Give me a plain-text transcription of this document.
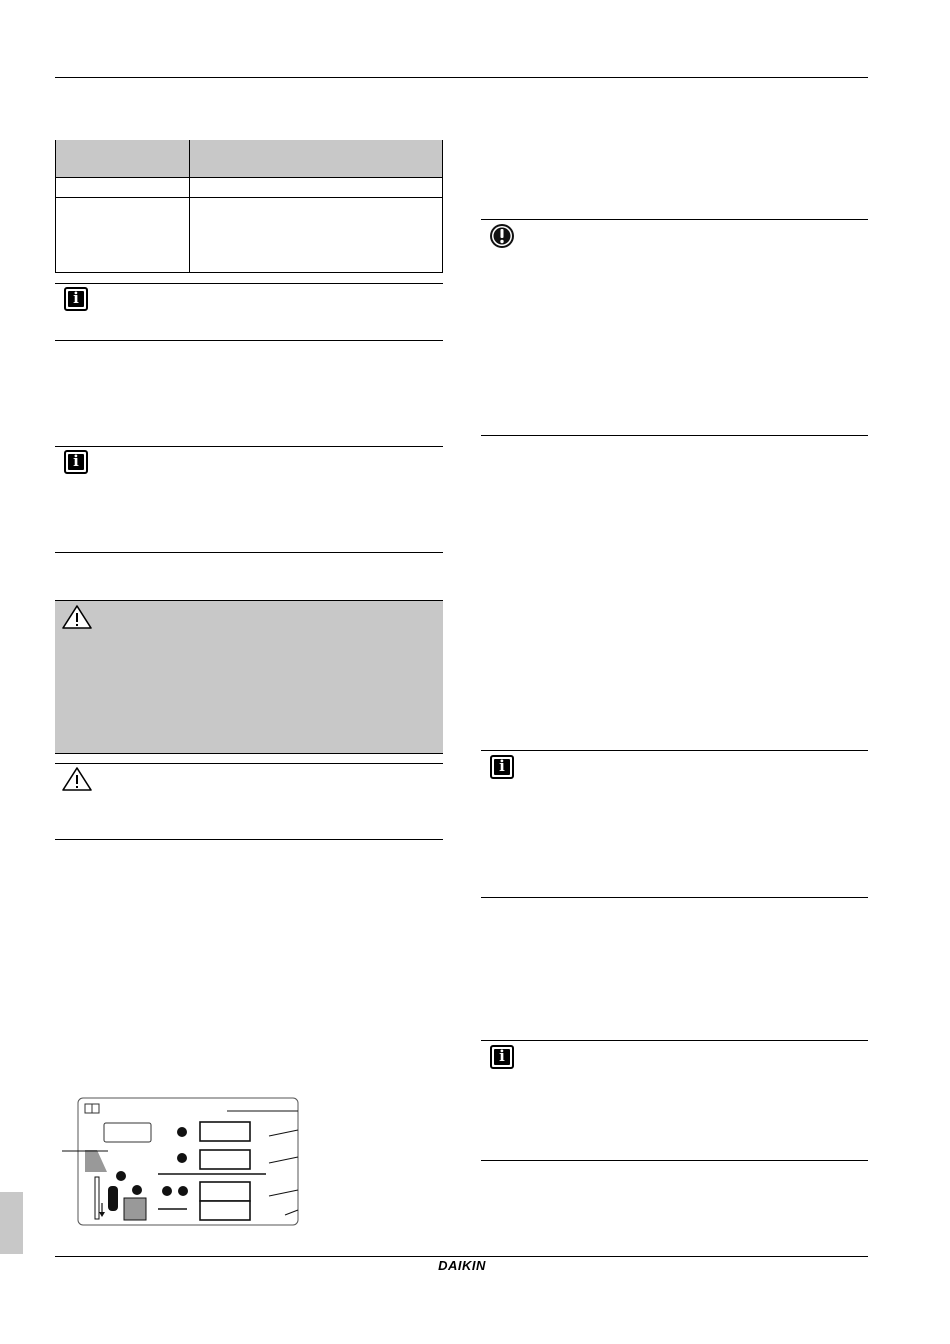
i
i
i
i
DAIKIN
